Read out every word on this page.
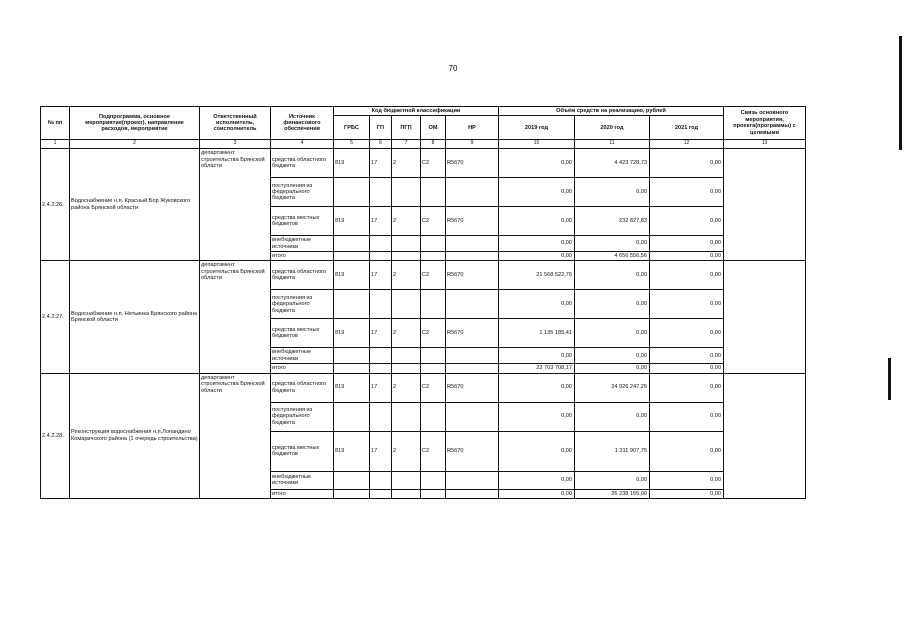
70
№ пп	Подпрограмма, основное мероприятие(проект), направление расходов, мероприятие	Ответственный исполнитель, соисполнитель	Источник финансового обеспечения	Код бюджетной классификации					Объём средств на реализацию, рублей			Связь основного мероприятия, проекта(программы) с целевыми
				ГРБС	ГП	ПГП	ОМ	НР	2019 год	2020 год	2021 год	
1	2	3	4	5	6	7	8	9	10	11	12	13
2.4.2.26.	Водоснабжение н.п. Красный Бор Жуковского района Брянской области	департамент строительства Брянской области	средства областного бюджета	819	17	2	C2	R5670	0,00	4 423 728,73	0,00	
			поступления из федерального бюджета						0,00	0,00	0,00	
			средства местных бюджетов	819	17	2	C2	R5670	0,00	232 827,83	0,00	
			внебюджетные источники						0,00	0,00	0,00	
			итого						0,00	4 656 556,56	0,00	
2.4.2.27.	Водоснабжение н.п. Нетьинка Брянского района Брянской области	департамент строительства Брянской области	средства областного бюджета	819	17	2	C2	R5670	21 568 522,76	0,00	0,00	
			поступления из федерального бюджета						0,00	0,00	0,00	
			средства местных бюджетов	819	17	2	C2	R5670	1 135 185,41	0,00	0,00	
			внебюджетные источники						0,00	0,00	0,00	
			итого						22 703 708,17	0,00	0,00	
2.4.2.28.	Реконструкция водоснабжения н.п.Лопандино Комаричского района (1 очередь строительства)	департамент строительства Брянской области	средства областного бюджета	819	17	2	C2	R5670	0,00	24 926 247,25	0,00	
			поступления из федерального бюджета						0,00	0,00	0,00	
			средства местных бюджетов	819	17	2	C2	R5670	0,00	1 311 907,75	0,00	
			внебюджетные источники						0,00	0,00	0,00	
			итого						0,00	26 238 155,00	0,00	
